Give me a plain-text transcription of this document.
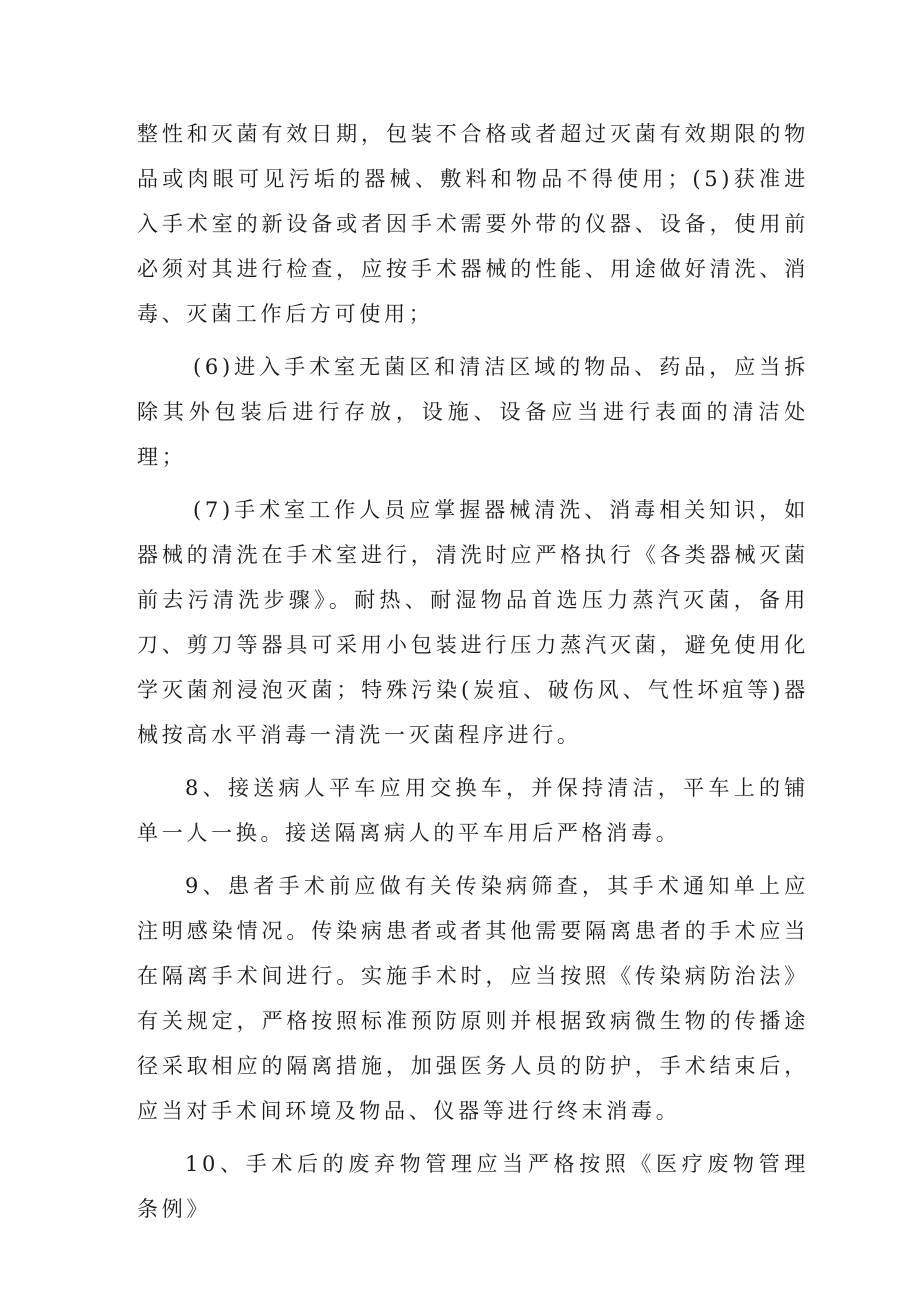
整性和灭菌有效日期，包装不合格或者超过灭菌有效期限的物品或肉眼可见污垢的器械、敷料和物品不得使用；(5)获准进入手术室的新设备或者因手术需要外带的仪器、设备，使用前必须对其进行检查，应按手术器械的性能、用途做好清洗、消毒、灭菌工作后方可使用；

(6)进入手术室无菌区和清洁区域的物品、药品，应当拆除其外包装后进行存放，设施、设备应当进行表面的清洁处理；

(7)手术室工作人员应掌握器械清洗、消毒相关知识，如器械的清洗在手术室进行，清洗时应严格执行《各类器械灭菌前去污清洗步骤》。耐热、耐湿物品首选压力蒸汽灭菌，备用刀、剪刀等器具可采用小包装进行压力蒸汽灭菌，避免使用化学灭菌剂浸泡灭菌；特殊污染(炭疽、破伤风、气性坏疽等)器械按高水平消毒一清洗一灭菌程序进行。

8、接送病人平车应用交换车，并保持清洁，平车上的铺单一人一换。接送隔离病人的平车用后严格消毒。

9、患者手术前应做有关传染病筛查，其手术通知单上应注明感染情况。传染病患者或者其他需要隔离患者的手术应当在隔离手术间进行。实施手术时，应当按照《传染病防治法》有关规定，严格按照标准预防原则并根据致病微生物的传播途径采取相应的隔离措施，加强医务人员的防护，手术结束后，应当对手术间环境及物品、仪器等进行终末消毒。

10、手术后的废弃物管理应当严格按照《医疗废物管理条例》
